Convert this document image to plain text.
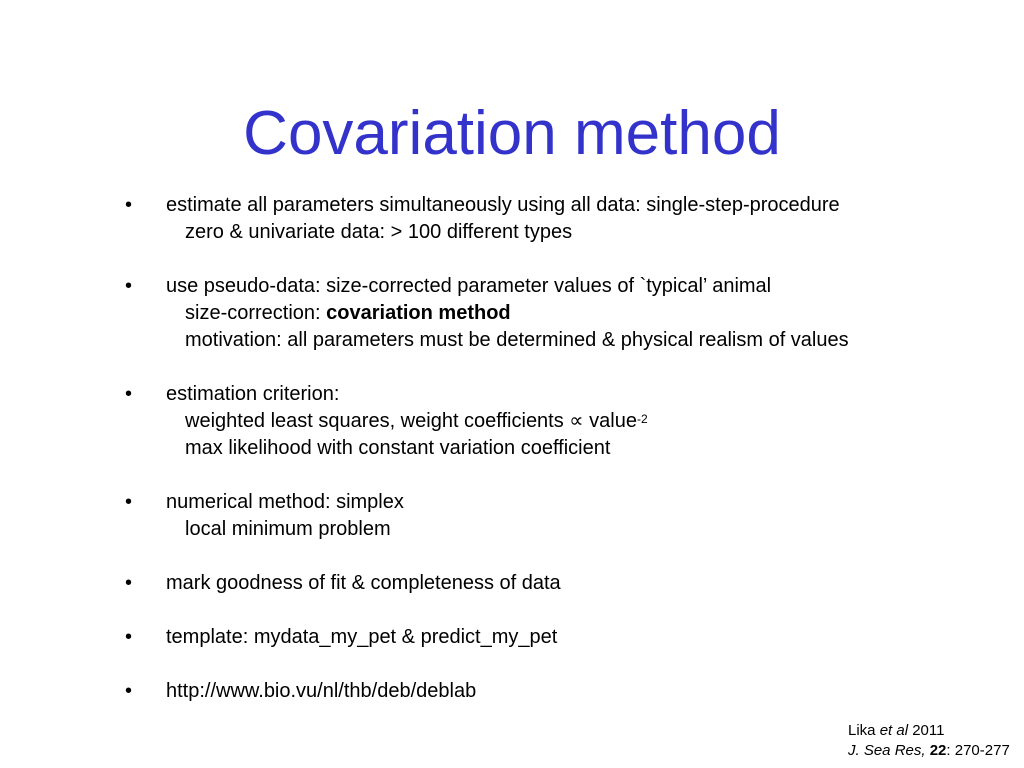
Covariation method
• estimate all parameters simultaneously using all data: single-step-procedure
zero & univariate data: > 100 different types
• use pseudo-data: size-corrected parameter values of `typical’ animal
size-correction: covariation method
motivation: all parameters must be determined & physical realism of values
• estimation criterion:
weighted least squares, weight coefficients ∝ value$^{-2}$
max likelihood with constant variation coefficient
• numerical method: simplex
local minimum problem
• mark goodness of fit & completeness of data
• template: mydata_my_pet & predict_my_pet
• http://www.bio.vu/nl/thb/deb/deblab
Lika et al 2011
J. Sea Res, 22: 270-277
